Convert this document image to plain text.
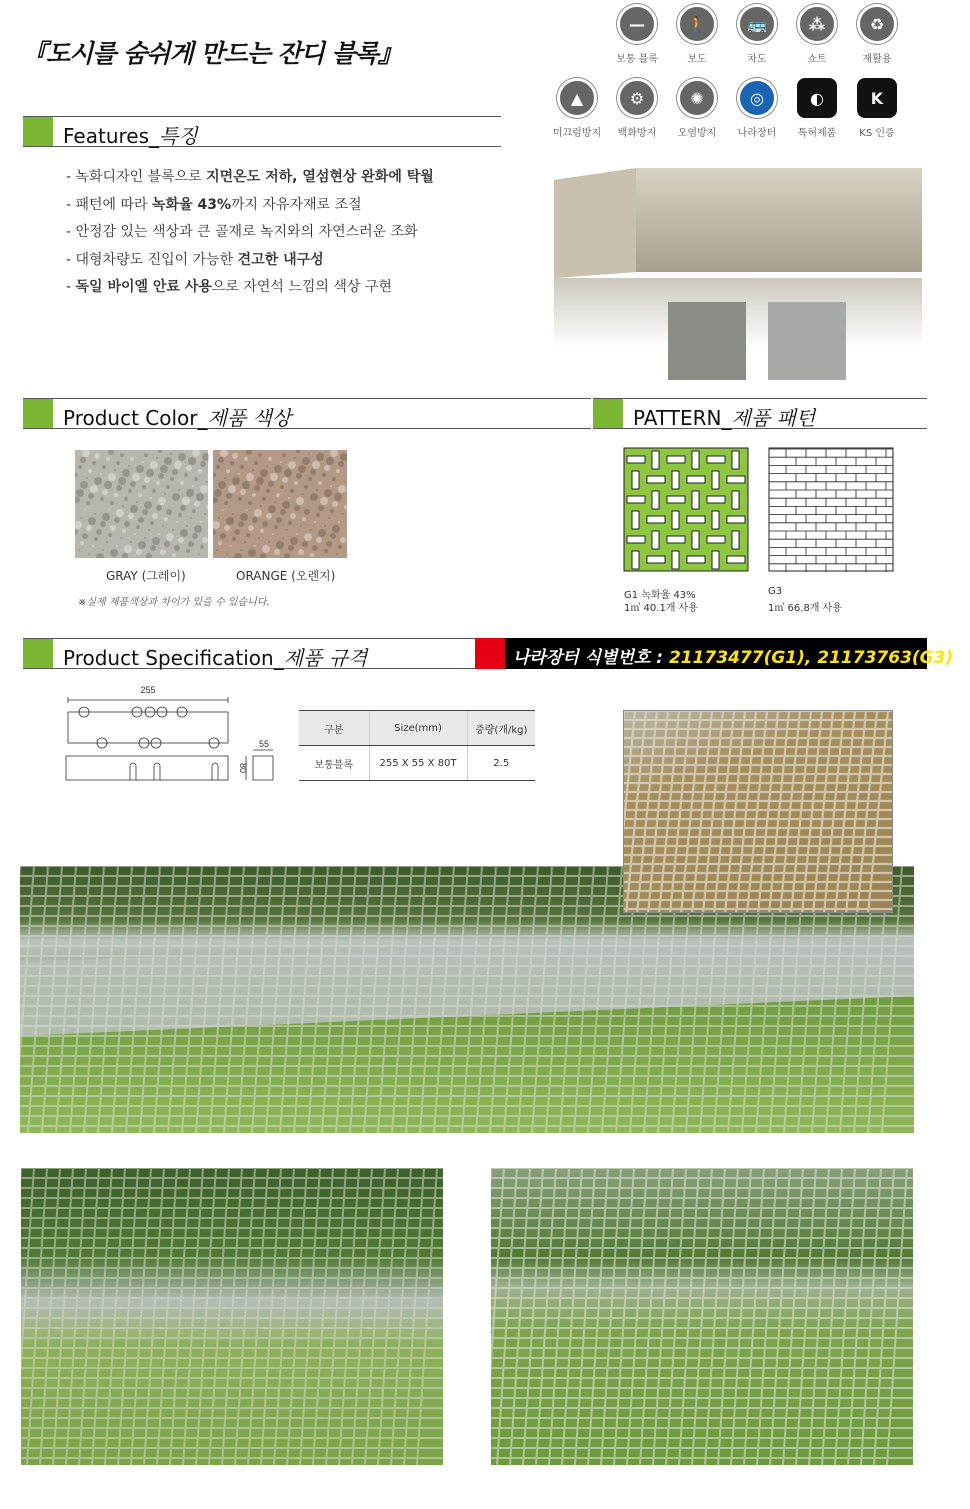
『도시를 숨쉬게 만드는 잔디 블록』
—
보통 블록
🚶
보도
🚌
차도
⁂
쇼트
♻
재활용
▲
미끄럼방지
⚙
백화방지
✺
오염방지
◎
나라장터
◐
특허제품
K
KS 인증
Features_특징
- 녹화디자인 블록으로 지면온도 저하, 열섬현상 완화에 탁월
- 패턴에 따라 녹화율 43%까지 자유자재로 조절
- 안정감 있는 색상과 큰 골재로 녹지와의 자연스러운 조화
- 대형차량도 진입이 가능한 견고한 내구성
- 독일 바이엘 안료 사용으로 자연석 느낌의 색상 구현
Product Color_제품 색상
GRAY (그레이)	ORANGE (오렌지)
※실제 제품색상과 차이가 있을 수 있습니다.
PATTERN_제품 패턴
G1 녹화율 43%
1㎡ 40.1개 사용
G3
1㎡ 66.8개 사용
Product Specification_제품 규격	나라장터 식별번호 : 21173477(G1), 21173763(G3)
255
55
80
구분	Size(mm)	중량(개/kg)
보통블록	255 X 55 X 80T	2.5
